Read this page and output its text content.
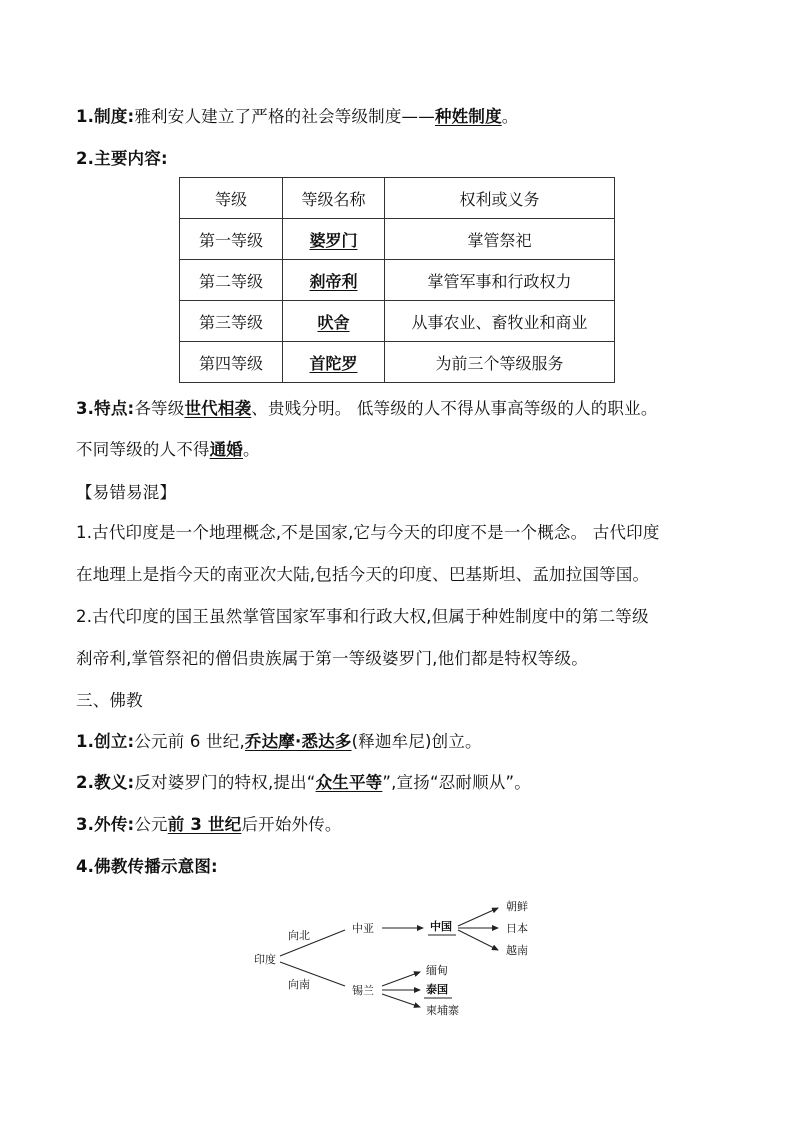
1.制度:雅利安人建立了严格的社会等级制度——种姓制度。
2.主要内容:
等级	等级名称	权利或义务
第一等级	婆罗门	掌管祭祀
第二等级	刹帝利	掌管军事和行政权力
第三等级	吠舍	从事农业、畜牧业和商业
第四等级	首陀罗	为前三个等级服务
3.特点:各等级世代相袭、贵贱分明。 低等级的人不得从事高等级的人的职业。
不同等级的人不得通婚。
【易错易混】
1.古代印度是一个地理概念,不是国家,它与今天的印度不是一个概念。 古代印度
在地理上是指今天的南亚次大陆,包括今天的印度、巴基斯坦、孟加拉国等国。
2.古代印度的国王虽然掌管国家军事和行政大权,但属于种姓制度中的第二等级
刹帝利,掌管祭祀的僧侣贵族属于第一等级婆罗门,他们都是特权等级。
三、佛教
1.创立:公元前 6 世纪,乔达摩·悉达多(释迦牟尼)创立。
2.教义:反对婆罗门的特权,提出“众生平等”,宣扬“忍耐顺从”。
3.外传:公元前 3 世纪后开始外传。
4.佛教传播示意图:
印度
向北
向南
中亚	中国
朝鲜
日本
越南
锡兰
缅甸
泰国
柬埔寨
